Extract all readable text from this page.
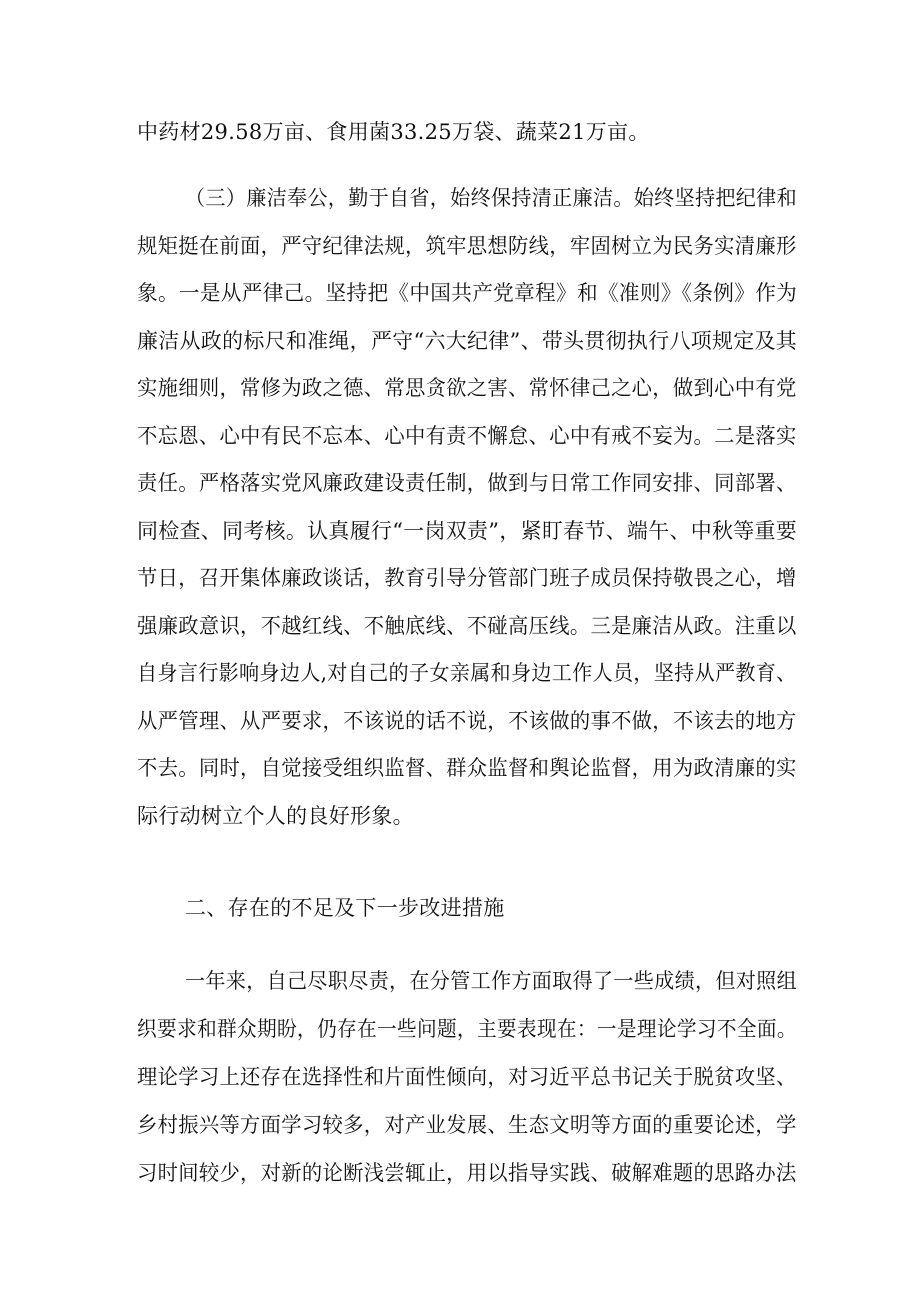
中药材29.58万亩、食用菌33.25万袋、蔬菜21万亩。
（三）廉洁奉公，勤于自省，始终保持清正廉洁。始终坚持把纪律和
规矩挺在前面，严守纪律法规，筑牢思想防线，牢固树立为民务实清廉形
象。一是从严律己。坚持把《中国共产党章程》和《准则》《条例》作为
廉洁从政的标尺和准绳，严守“六大纪律”、带头贯彻执行八项规定及其
实施细则，常修为政之德、常思贪欲之害、常怀律己之心，做到心中有党
不忘恩、心中有民不忘本、心中有责不懈怠、心中有戒不妄为。二是落实
责任。严格落实党风廉政建设责任制，做到与日常工作同安排、同部署、
同检查、同考核。认真履行“一岗双责”，紧盯春节、端午、中秋等重要
节日，召开集体廉政谈话，教育引导分管部门班子成员保持敬畏之心，增
强廉政意识，不越红线、不触底线、不碰高压线。三是廉洁从政。注重以
自身言行影响身边人,对自己的子女亲属和身边工作人员，坚持从严教育、
从严管理、从严要求，不该说的话不说，不该做的事不做，不该去的地方
不去。同时，自觉接受组织监督、群众监督和舆论监督，用为政清廉的实
际行动树立个人的良好形象。
二、存在的不足及下一步改进措施
一年来，自己尽职尽责，在分管工作方面取得了一些成绩，但对照组
织要求和群众期盼，仍存在一些问题，主要表现在：一是理论学习不全面。
理论学习上还存在选择性和片面性倾向，对习近平总书记关于脱贫攻坚、
乡村振兴等方面学习较多，对产业发展、生态文明等方面的重要论述，学
习时间较少，对新的论断浅尝辄止，用以指导实践、破解难题的思路办法
